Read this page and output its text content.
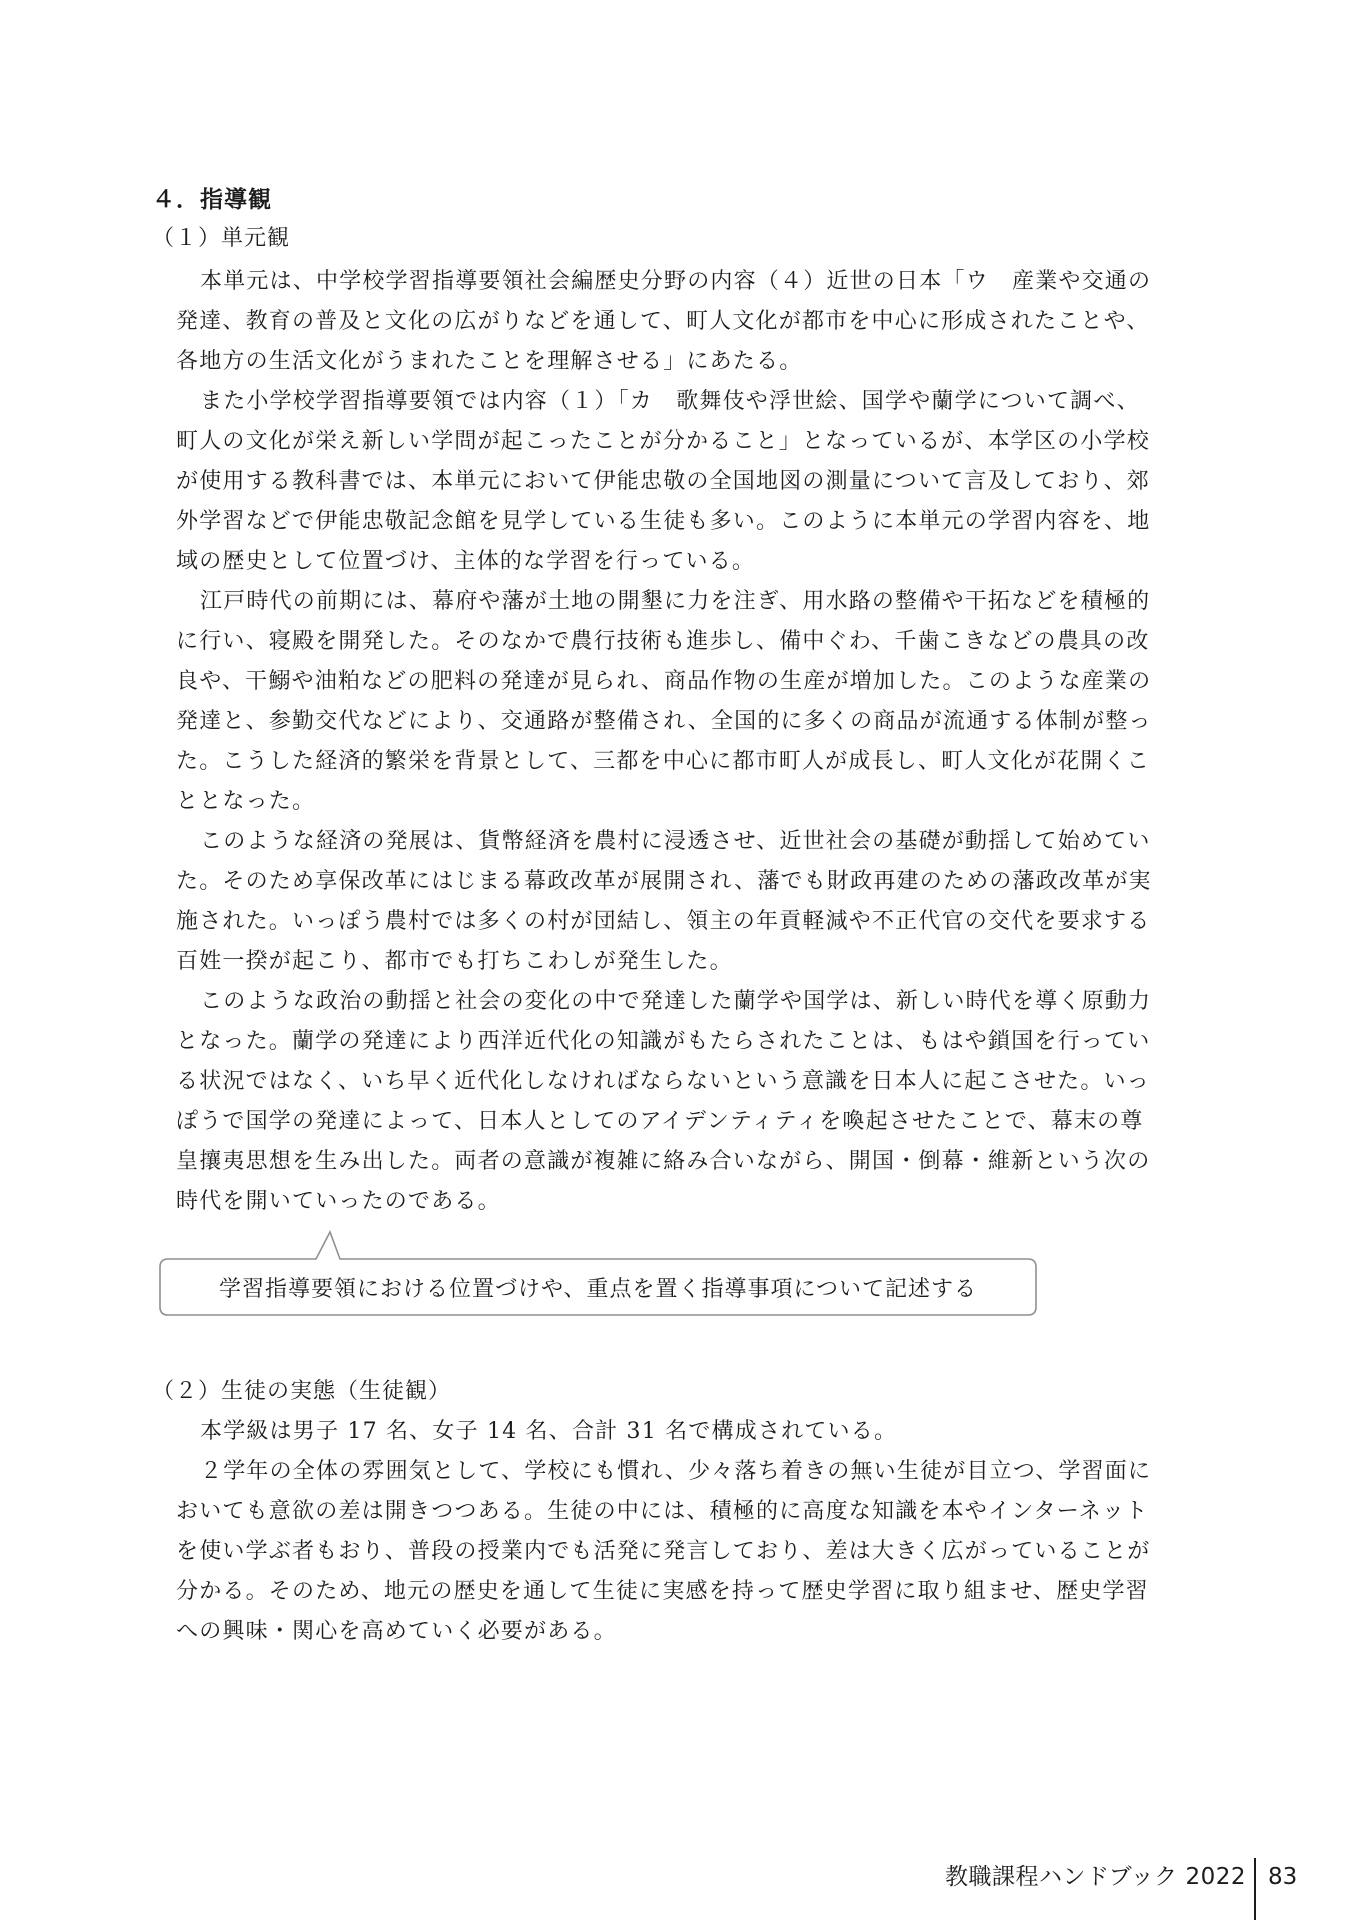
４．指導観
（１）単元観

本単元は、中学校学習指導要領社会編歴史分野の内容（４）近世の日本「ウ　産業や交通の発達、教育の普及と文化の広がりなどを通して、町人文化が都市を中心に形成されたことや、各地方の生活文化がうまれたことを理解させる」にあたる。

また小学校学習指導要領では内容（１）「カ　歌舞伎や浮世絵、国学や蘭学について調べ、町人の文化が栄え新しい学問が起こったことが分かること」となっているが、本学区の小学校が使用する教科書では、本単元において伊能忠敬の全国地図の測量について言及しており、郊外学習などで伊能忠敬記念館を見学している生徒も多い。このように本単元の学習内容を、地域の歴史として位置づけ、主体的な学習を行っている。

江戸時代の前期には、幕府や藩が土地の開墾に力を注ぎ、用水路の整備や干拓などを積極的に行い、寝殿を開発した。そのなかで農行技術も進歩し、備中ぐわ、千歯こきなどの農具の改良や、干鰯や油粕などの肥料の発達が見られ、商品作物の生産が増加した。このような産業の発達と、参勤交代などにより、交通路が整備され、全国的に多くの商品が流通する体制が整った。こうした経済的繁栄を背景として、三都を中心に都市町人が成長し、町人文化が花開くこととなった。

このような経済の発展は、貨幣経済を農村に浸透させ、近世社会の基礎が動揺して始めていた。そのため享保改革にはじまる幕政改革が展開され、藩でも財政再建のための藩政改革が実施された。いっぽう農村では多くの村が団結し、領主の年貢軽減や不正代官の交代を要求する百姓一揆が起こり、都市でも打ちこわしが発生した。

このような政治の動揺と社会の変化の中で発達した蘭学や国学は、新しい時代を導く原動力となった。蘭学の発達により西洋近代化の知識がもたらされたことは、もはや鎖国を行っている状況ではなく、いち早く近代化しなければならないという意識を日本人に起こさせた。いっぽうで国学の発達によって、日本人としてのアイデンティティを喚起させたことで、幕末の尊皇攘夷思想を生み出した。両者の意識が複雑に絡み合いながら、開国・倒幕・維新という次の時代を開いていったのである。

学習指導要領における位置づけや、重点を置く指導事項について記述する
（２）生徒の実態（生徒観）

本学級は男子 17 名、女子 14 名、合計 31 名で構成されている。

２学年の全体の雰囲気として、学校にも慣れ、少々落ち着きの無い生徒が目立つ、学習面においても意欲の差は開きつつある。生徒の中には、積極的に高度な知識を本やインターネットを使い学ぶ者もおり、普段の授業内でも活発に発言しており、差は大きく広がっていることが分かる。そのため、地元の歴史を通して生徒に実感を持って歴史学習に取り組ませ、歴史学習への興味・関心を高めていく必要がある。

教職課程ハンドブック 2022 83
